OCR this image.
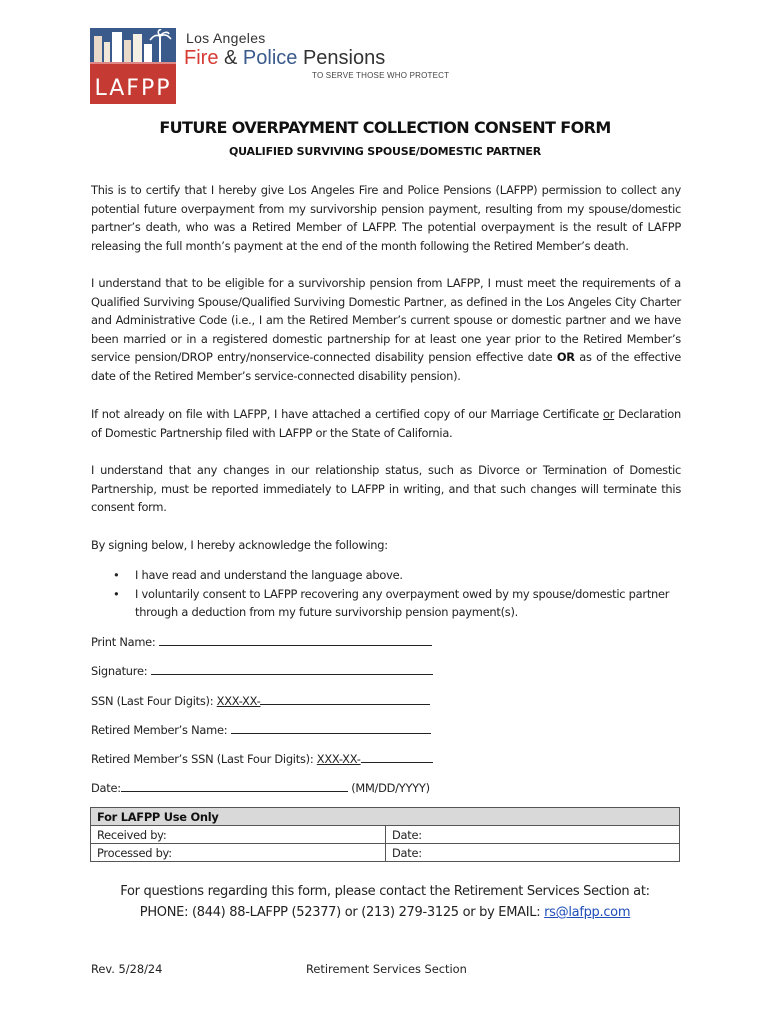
LAFPP
Los Angeles
Fire & Police Pensions
TO SERVE THOSE WHO PROTECT
FUTURE OVERPAYMENT COLLECTION CONSENT FORM
QUALIFIED SURVIVING SPOUSE/DOMESTIC PARTNER
This is to certify that I hereby give Los Angeles Fire and Police Pensions (LAFPP) permission to collect any potential future overpayment from my survivorship pension payment, resulting from my spouse/domestic partner’s death, who was a Retired Member of LAFPP. The potential overpayment is the result of LAFPP releasing the full month’s payment at the end of the month following the Retired Member’s death.
I understand that to be eligible for a survivorship pension from LAFPP, I must meet the requirements of a Qualified Surviving Spouse/Qualified Surviving Domestic Partner, as defined in the Los Angeles City Charter and Administrative Code (i.e., I am the Retired Member’s current spouse or domestic partner and we have been married or in a registered domestic partnership for at least one year prior to the Retired Member’s service pension/DROP entry/nonservice-connected disability pension effective date OR as of the effective date of the Retired Member’s service-connected disability pension).
If not already on file with LAFPP, I have attached a certified copy of our Marriage Certificate or Declaration of Domestic Partnership filed with LAFPP or the State of California.
I understand that any changes in our relationship status, such as Divorce or Termination of Domestic Partnership, must be reported immediately to LAFPP in writing, and that such changes will terminate this consent form.
By signing below, I hereby acknowledge the following:
• I have read and understand the language above.
• I voluntarily consent to LAFPP recovering any overpayment owed by my spouse/domestic partner through a deduction from my future survivorship pension payment(s).
Print Name:
Signature:
SSN (Last Four Digits): XXX-XX-
Retired Member’s Name:
Retired Member’s SSN (Last Four Digits): XXX-XX-
Date:	(MM/DD/YYYY)
For LAFPP Use Only	
Received by:	Date:
Processed by:	Date:
For questions regarding this form, please contact the Retirement Services Section at:
PHONE: (844) 88-LAFPP (52377) or (213) 279-3125 or by EMAIL: rs@lafpp.com
Rev. 5/28/24	Retirement Services Section
